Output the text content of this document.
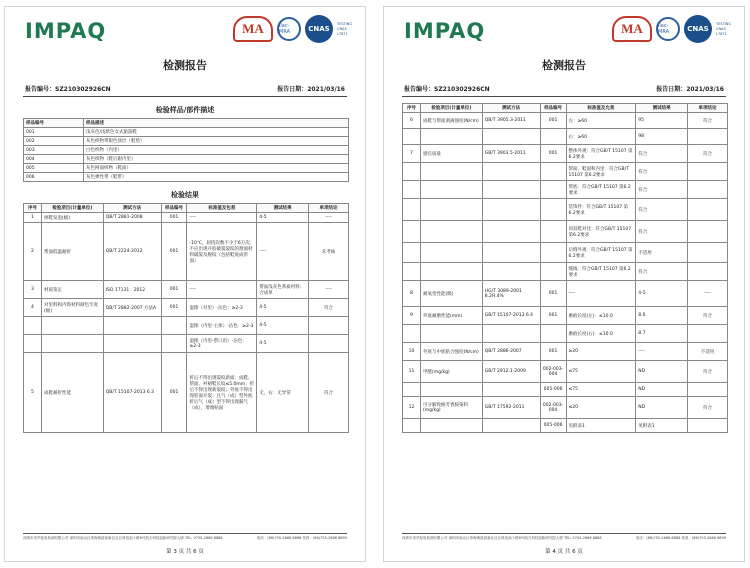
IMPAQ	MA	ilac-MRA	CNAS
TESTING CNAS L7871
检测报告
报告编号：SZ210302926CN	报告日期：2021/03/16
检验样品/部件描述
样品编号	样品描述
001	浅灰色/浅紫色女式旅游鞋
002	灰色织物带银色涂层（鞋垫）
003	白色织物（内里）
004	灰色织物（鞋后跟内里）
005	灰色网面织物（鞋面）
006	灰色弹性带（鞋带）
检验结果
序号	检验项目(计量单位)	测试方法	样品编号	标准值及包差	测试结果	单项结论
1	掉鞋发泡(级)	QB/T 2881-2008	001	----	4-5	----
2	帮面低温耐折	QB/T 2224-2012	001	-10℃，屈挠次数不少于6万次；不应出现开胶破裂裂纹的割面材料破裂及脱纹（包括鞋底成形面）	----	未考核
3	材质鉴定	ISO 17131：2012	001	----	帮面浅灰色革质材料；合成革	----
4	对里料和内饰材料颜色牢度(级)	QB/T 2882-2007 方法A	001	湿擦（对里）-沾色：≥2-3	4-5	符合
				湿擦（内里-主体）-沾色：≥2-3	4-5	
				湿擦（内里-帮口沿）-沾色：≥2-3	4-5	
5	成鞋耐折性能	QB/T 15107-2013 6.3	001	折后不得出现裂纹新面；成鞋、帮面、衬裙鞋长纹≤5.0mm；折后不得出现新裂纹；外底不得出现胶面开裂；且气（成）型外底折后气（成）型不得出现漏气（成），增端贴面	无，右：无异常	符合
深圳市美华检验检测有限公司 深圳市南山区粤海街道高新区社区科技南十路6号航天科技创新研究院大厦 TEL: 0755-2666 8888	电话：(86)755-2666 8888 传真：(86)755-2666 8899
第 3 页 共 6 页
IMPAQ	MA	ilac-MRA	CNAS
TESTING CNAS L7871
检测报告
报告编号：SZ210302926CN	报告日期：2021/03/16
序号	检验项目(计量单位)	测试方法	样品编号	标准值及允差	测试结果	单项结论
6	成鞋与帮面剥离强度(N/cm)	QB/T 3905.3-2011	001	左：≥60	95	符合
				右：≥60	98	
7	感官质量	GB/T 3903.5-2011	001	整体外观：符合GB/T 15107 第6.2要求	符合	符合
				帮面、鞋面和内里：符合GB/T 15107 第6.2要求	符合	
				帮底：符合GB/T 15107 第6.2要求	符合	
				装饰件：符合GB/T 15107 第6.2要求	符合	
				同双鞋对比：符合GB/T 15107 第6.2要求	符合	
				后缝外观：符合GB/T 15107 第6.2要求	不适用	
				缝线：符合GB/T 15107 第6.2要求	符合	
8	耐氧变性能(级)	HG/T 3089-2001 8.2H.4%	001	----	4-5	----
9	外底耐磨性能(mm)	GB/T 15107-2013 6.4	001	磨痕长度(左)：≤10.0	8.6	符合
				磨痕长度(右)：≤10.0	8.7	
10	外底与中底粘合强度(N/cm)	QB/T 2886-2007	001	≥20	----	不适用
11	甲醛(mg/kg)	GB/T 2912.1-2009	002-003-004	≤75	ND	符合
			005-006	≤75	ND	
12	可分解致癌芳香胺染料(mg/kg)	GB/T 17592-2011	002-003-004	≤20	ND	符合
			005-006	见附表1	见附表1	
深圳市美华检验检测有限公司 深圳市南山区粤海街道高新区社区科技南十路6号航天科技创新研究院大厦 TEL: 0755-2666 8888	电话：(86)755-2666 8888 传真：(86)755-2666 8899
第 4 页 共 6 页
